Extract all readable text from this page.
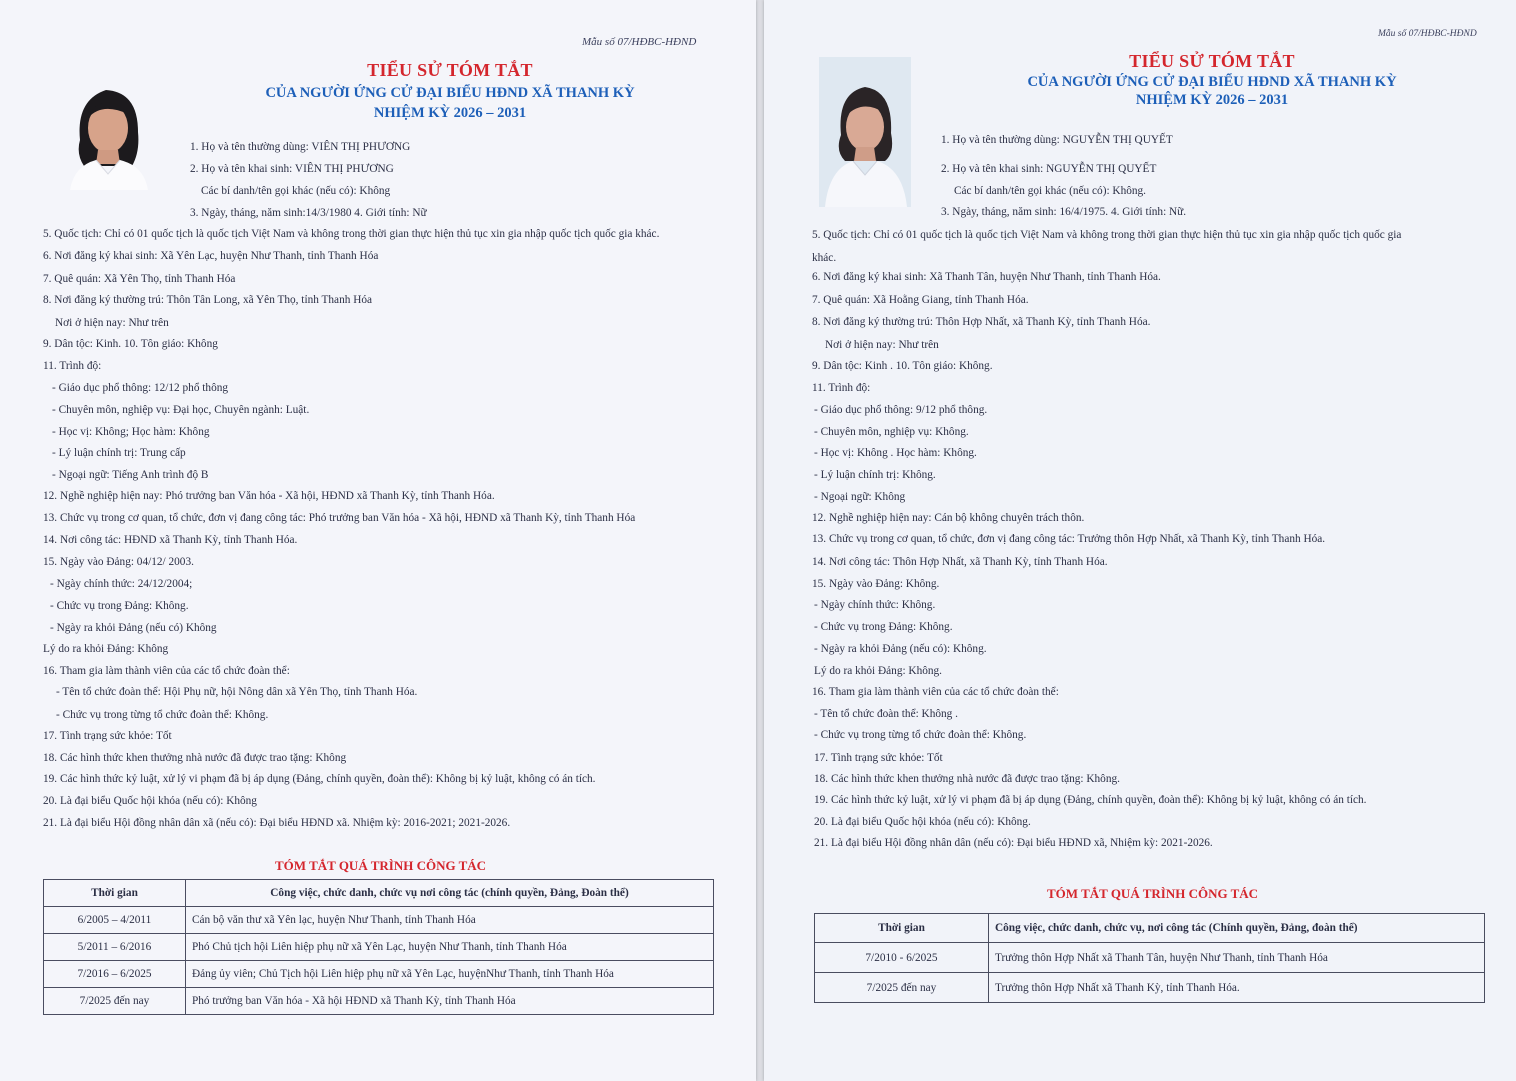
Mẫu số 07/HĐBC-HĐND
TIỂU SỬ TÓM TẮT
CỦA NGƯỜI ỨNG CỬ ĐẠI BIỂU HĐND XÃ THANH KỲ
NHIỆM KỲ 2026 – 2031
1. Họ và tên thường dùng: VIÊN THỊ PHƯƠNG
2. Họ và tên khai sinh: VIÊN THỊ PHƯƠNG
Các bí danh/tên gọi khác (nếu có): Không
3. Ngày, tháng, năm sinh:14/3/1980 4. Giới tính: Nữ
5. Quốc tịch: Chỉ có 01 quốc tịch là quốc tịch Việt Nam và không trong thời gian thực hiện thủ tục xin gia nhập quốc tịch quốc gia khác.
6. Nơi đăng ký khai sinh: Xã Yên Lạc, huyện Như Thanh, tỉnh Thanh Hóa
7. Quê quán: Xã Yên Thọ, tỉnh Thanh Hóa
8. Nơi đăng ký thường trú: Thôn Tân Long, xã Yên Thọ, tỉnh Thanh Hóa
Nơi ở hiện nay: Như trên
9. Dân tộc: Kinh. 10. Tôn giáo: Không
11. Trình độ:
- Giáo dục phổ thông: 12/12 phổ thông
- Chuyên môn, nghiệp vụ: Đại học, Chuyên ngành: Luật.
- Học vị: Không; Học hàm: Không
- Lý luận chính trị: Trung cấp
- Ngoại ngữ: Tiếng Anh trình độ B
12. Nghề nghiệp hiện nay: Phó trưởng ban Văn hóa - Xã hội, HĐND xã Thanh Kỳ, tỉnh Thanh Hóa.
13. Chức vụ trong cơ quan, tổ chức, đơn vị đang công tác: Phó trưởng ban Văn hóa - Xã hội, HĐND xã Thanh Kỳ, tỉnh Thanh Hóa
14. Nơi công tác: HĐND xã Thanh Kỳ, tỉnh Thanh Hóa.
15. Ngày vào Đảng: 04/12/ 2003.
- Ngày chính thức: 24/12/2004;
- Chức vụ trong Đảng: Không.
- Ngày ra khỏi Đảng (nếu có) Không
Lý do ra khỏi Đảng: Không
16. Tham gia làm thành viên của các tổ chức đoàn thể:
- Tên tổ chức đoàn thể: Hội Phụ nữ, hội Nông dân xã Yên Thọ, tỉnh Thanh Hóa.
- Chức vụ trong từng tổ chức đoàn thể: Không.
17. Tình trạng sức khỏe: Tốt
18. Các hình thức khen thưởng nhà nước đã được trao tặng: Không
19. Các hình thức kỷ luật, xử lý vi phạm đã bị áp dụng (Đảng, chính quyền, đoàn thể): Không bị kỷ luật, không có án tích.
20. Là đại biểu Quốc hội khóa (nếu có): Không
21. Là đại biểu Hội đồng nhân dân xã (nếu có): Đại biểu HĐND xã. Nhiệm kỳ: 2016-2021; 2021-2026.
TÓM TẮT QUÁ TRÌNH CÔNG TÁC
Thời gian	Công việc, chức danh, chức vụ nơi công tác (chính quyền, Đảng, Đoàn thể)
6/2005 – 4/2011	Cán bộ văn thư xã Yên lạc, huyện Như Thanh, tỉnh Thanh Hóa
5/2011 – 6/2016	Phó Chủ tịch hội Liên hiệp phụ nữ xã Yên Lạc, huyện Như Thanh, tỉnh Thanh Hóa
7/2016 – 6/2025	Đảng ủy viên; Chủ Tịch hội Liên hiệp phụ nữ xã Yên Lạc, huyệnNhư Thanh, tỉnh Thanh Hóa
7/2025 đến nay	Phó trưởng ban Văn hóa - Xã hội HĐND xã Thanh Kỳ, tỉnh Thanh Hóa
Mẫu số 07/HĐBC-HĐND
TIỂU SỬ TÓM TẮT
CỦA NGƯỜI ỨNG CỬ ĐẠI BIỂU HĐND XÃ THANH KỲ
NHIỆM KỲ 2026 – 2031
1. Họ và tên thường dùng: NGUYỄN THỊ QUYẾT
2. Họ và tên khai sinh: NGUYỄN THỊ QUYẾT
Các bí danh/tên gọi khác (nếu có): Không.
3. Ngày, tháng, năm sinh: 16/4/1975. 4. Giới tính: Nữ.
5. Quốc tịch: Chỉ có 01 quốc tịch là quốc tịch Việt Nam và không trong thời gian thực hiện thủ tục xin gia nhập quốc tịch quốc gia
khác.
6. Nơi đăng ký khai sinh: Xã Thanh Tân, huyện Như Thanh, tỉnh Thanh Hóa.
7. Quê quán: Xã Hoằng Giang, tỉnh Thanh Hóa.
8. Nơi đăng ký thường trú: Thôn Hợp Nhất, xã Thanh Kỳ, tỉnh Thanh Hóa.
Nơi ở hiện nay: Như trên
9. Dân tộc: Kinh . 10. Tôn giáo: Không.
11. Trình độ:
- Giáo dục phổ thông: 9/12 phổ thông.
- Chuyên môn, nghiệp vụ: Không.
- Học vị: Không . Học hàm: Không.
- Lý luận chính trị: Không.
- Ngoại ngữ: Không
12. Nghề nghiệp hiện nay: Cán bộ không chuyên trách thôn.
13. Chức vụ trong cơ quan, tổ chức, đơn vị đang công tác: Trưởng thôn Hợp Nhất, xã Thanh Kỳ, tỉnh Thanh Hóa.
14. Nơi công tác: Thôn Hợp Nhất, xã Thanh Kỳ, tỉnh Thanh Hóa.
15. Ngày vào Đảng: Không.
- Ngày chính thức: Không.
- Chức vụ trong Đảng: Không.
- Ngày ra khỏi Đảng (nếu có): Không.
Lý do ra khỏi Đảng: Không.
16. Tham gia làm thành viên của các tổ chức đoàn thể:
- Tên tổ chức đoàn thể: Không .
- Chức vụ trong từng tổ chức đoàn thể: Không.
17. Tình trạng sức khỏe: Tốt
18. Các hình thức khen thưởng nhà nước đã được trao tặng: Không.
19. Các hình thức kỷ luật, xử lý vi phạm đã bị áp dụng (Đảng, chính quyền, đoàn thể): Không bị kỷ luật, không có án tích.
20. Là đại biểu Quốc hội khóa (nếu có): Không.
21. Là đại biểu Hội đồng nhân dân (nếu có): Đại biểu HĐND xã, Nhiệm kỳ: 2021-2026.
TÓM TẮT QUÁ TRÌNH CÔNG TÁC
Thời gian	Công việc, chức danh, chức vụ, nơi công tác (Chính quyền, Đảng, đoàn thể)
7/2010 - 6/2025	Trưởng thôn Hợp Nhất xã Thanh Tân, huyện Như Thanh, tỉnh Thanh Hóa
7/2025 đến nay	Trưởng thôn Hợp Nhất xã Thanh Kỳ, tỉnh Thanh Hóa.
